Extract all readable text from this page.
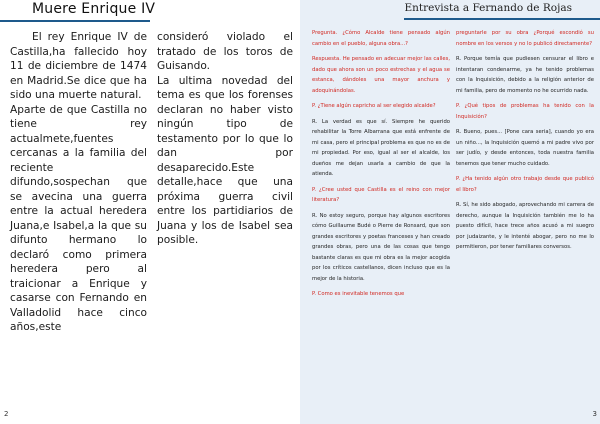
Muere Enrique IV

El rey Enrique IV de Castilla,ha fallecido hoy 11 de diciembre de 1474 en Madrid.Se dice que ha sido una muerte natural.

Aparte de que Castilla no tiene rey actualmete,fuentes cercanas a la familia del reciente difundo,sospechan que se avecina una guerra entre la actual heredera Juana,e Isabel,a la que su difunto hermano lo declaró como primera heredera pero al traicionar a Enrique y casarse con Fernando en Valladolid hace cinco años,este

consideró violado el tratado de los toros de Guisando.

La ultima novedad del tema es que los forenses declaran no haber visto ningún tipo de testamento por lo que lo dan por desaparecido.Este detalle,hace que una próxima guerra civil entre los partidiarios de Juana y los de Isabel sea posible.

2
Entrevista a Fernando de Rojas

Pregunta. ¿Cómo Alcalde tiene pensado algún cambio en el pueblo, alguna obra...?

Respuesta. He pensado en adecuar mejor las calles, dado que ahora son un poco estrechas y el agua se estanca, dándoles una mayor anchura y adoquinándolas.

P. ¿Tiene algún capricho al ser elegido alcalde?

R. La verdad es que sí. Siempre he querido rehabilitar la Torre Albarrana que está enfrente de mi casa, pero el principal problema es que no es de mi propiedad. Por eso, igual al ser el alcalde, los dueños me dejan usarla a cambio de que la atienda.

P. ¿Cree usted que Castilla es el reino con mejor literatura?

R. No estoy seguro, porque hay algunos escritores cómo Guillaume Budé o Pierre de Ronsard, que son grandes escritores y poetas franceses y han creado grandes obras, pero una de las cosas que tengo bastante claras es que mi obra es la mejor acogida por los críticos castellanos, dicen incluso que es la mejor de la historia.

P. Como es inevitable tenemos que

preguntarle por su obra ¿Porqué escondió su nombre en los versos y no lo publicó directamente?

R. Porque temía que pudiesen censurar el libro e intentaran condenarme, ya he tenido problemas con la Inquisición, debido a la religión anterior de mi familia, pero de momento no he ocurrido nada.

P. ¿Qué tipos de problemas ha tenido con la Inquisición?

R. Bueno, pues... [Pone cara seria], cuando yo era un niño..., la Inquisición quemó a mi padre vivo por ser judío, y desde entonces, toda nuestra familia tenemos que tener mucho cuidado.

P. ¿Ha tenido algún otro trabajo desde que publicó el libro?

R. Sí, he sido abogado, aprovechando mi carrera de derecho, aunque la Inquisición también me lo ha puesto difícil, hace trece años acusó a mi suegro por judaizante, y le intenté abogar, pero no me lo permitieron, por tener familiares conversos.

3
